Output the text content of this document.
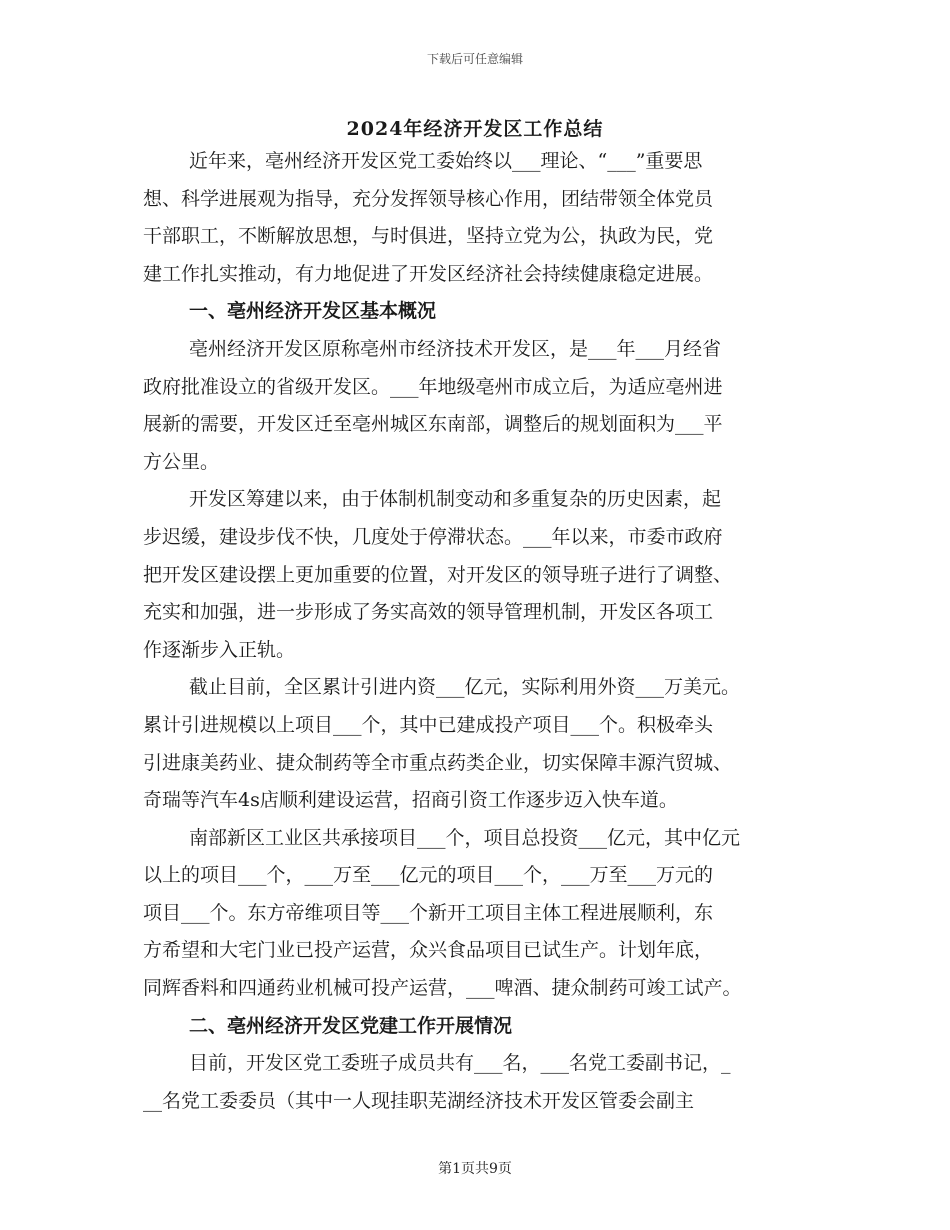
下载后可任意编辑
2024年经济开发区工作总结
近年来，亳州经济开发区党工委始终以___理论、“___”重要思
想、科学进展观为指导，充分发挥领导核心作用，团结带领全体党员
干部职工，不断解放思想，与时俱进，坚持立党为公，执政为民，党
建工作扎实推动，有力地促进了开发区经济社会持续健康稳定进展。
一、亳州经济开发区基本概况
亳州经济开发区原称亳州市经济技术开发区，是___年___月经省
政府批准设立的省级开发区。___年地级亳州市成立后，为适应亳州进
展新的需要，开发区迁至亳州城区东南部，调整后的规划面积为___平
方公里。
开发区筹建以来，由于体制机制变动和多重复杂的历史因素，起
步迟缓，建设步伐不快，几度处于停滞状态。___年以来，市委市政府
把开发区建设摆上更加重要的位置，对开发区的领导班子进行了调整、
充实和加强，进一步形成了务实高效的领导管理机制，开发区各项工
作逐渐步入正轨。
截止目前，全区累计引进内资___亿元，实际利用外资___万美元。
累计引进规模以上项目___个，其中已建成投产项目___个。积极牵头
引进康美药业、捷众制药等全市重点药类企业，切实保障丰源汽贸城、
奇瑞等汽车4s店顺利建设运营，招商引资工作逐步迈入快车道。
南部新区工业区共承接项目___个，项目总投资___亿元，其中亿元
以上的项目___个，___万至___亿元的项目___个，___万至___万元的
项目___个。东方帝维项目等___个新开工项目主体工程进展顺利，东
方希望和大宅门业已投产运营，众兴食品项目已试生产。计划年底，
同辉香料和四通药业机械可投产运营，___啤酒、捷众制药可竣工试产。
二、亳州经济开发区党建工作开展情况
目前，开发区党工委班子成员共有___名，___名党工委副书记，_
__名党工委委员（其中一人现挂职芜湖经济技术开发区管委会副主
第1页共9页
